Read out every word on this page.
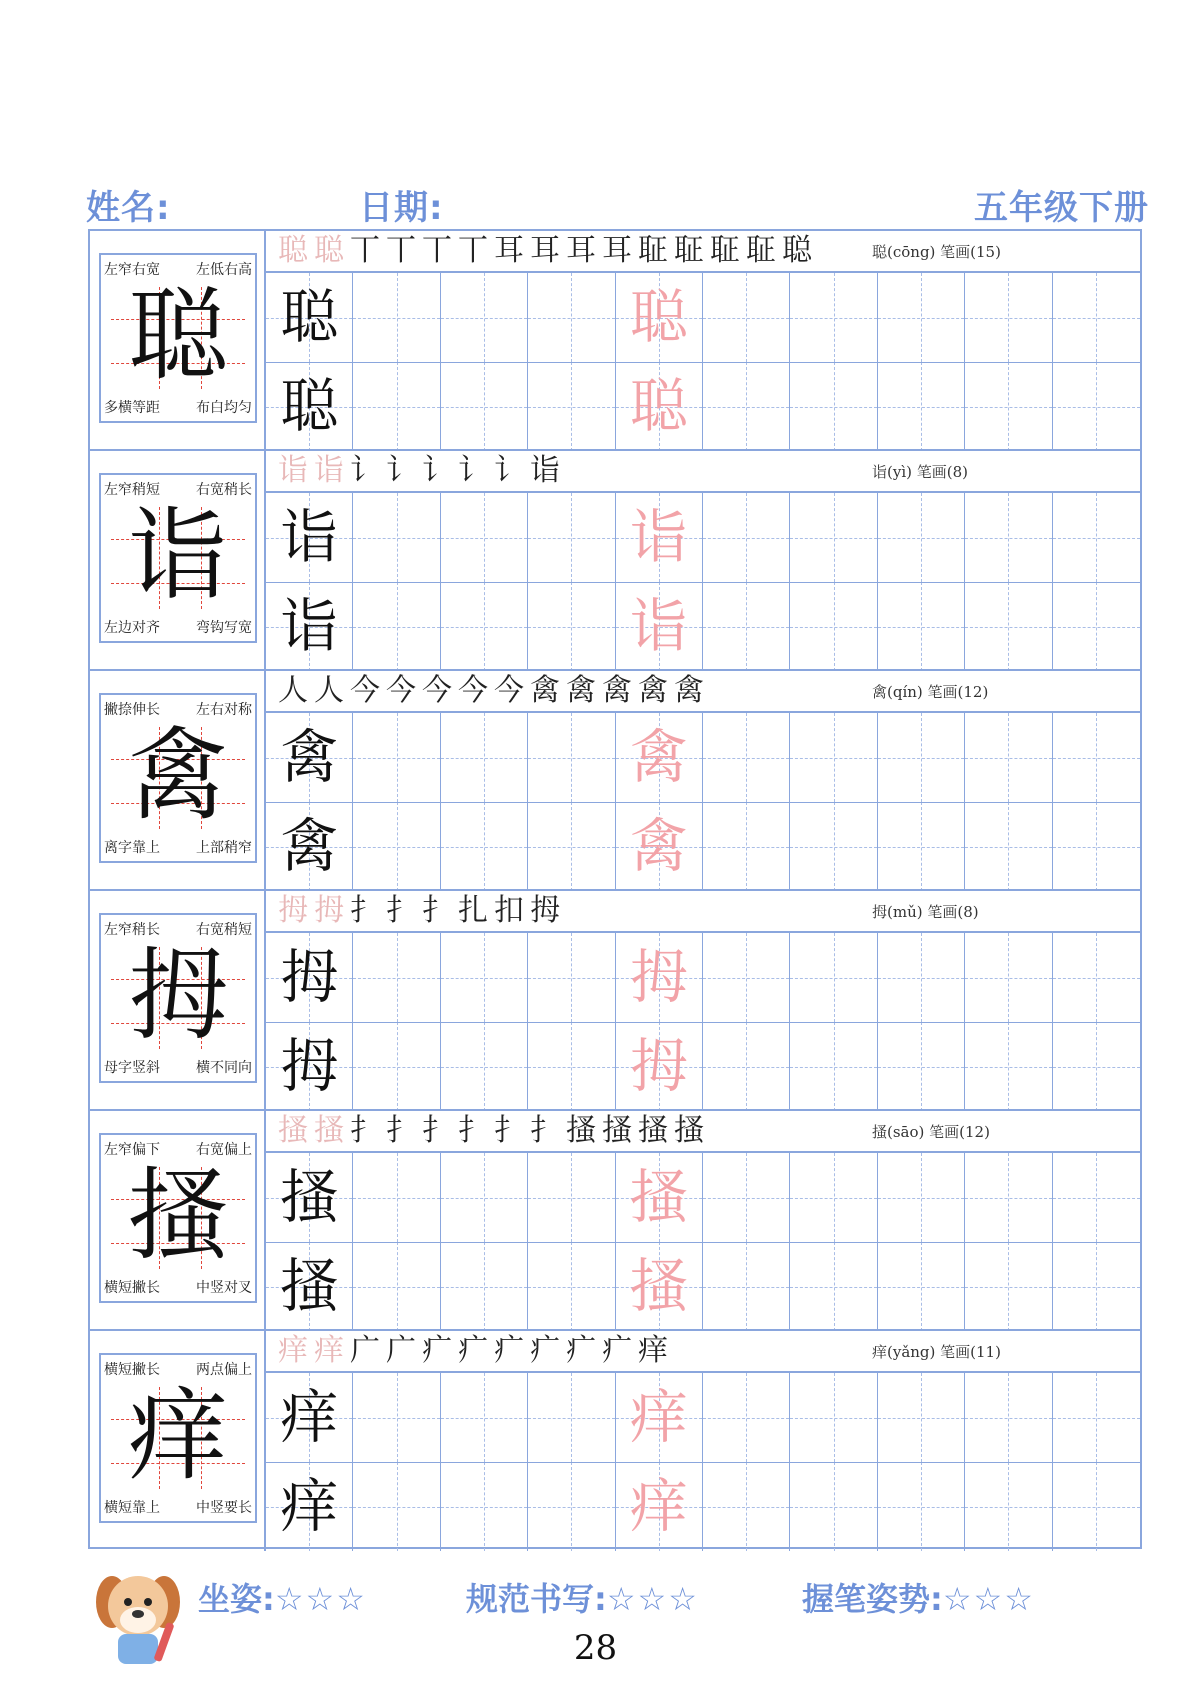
姓名:	日期:	五年级下册
左窄右宽	左低右高
聪
多横等距	布白均匀
聪聪丅丅丅丅耳耳耳耳聇聇聇聇聪	聪(cōng) 笔画(15)
聪	聪
聪	聪
左窄稍短	右宽稍长
诣
左边对齐	弯钩写宽
诣诣讠讠讠讠讠诣	诣(yì) 笔画(8)
诣	诣
诣	诣
撇捺伸长	左右对称
禽
离字靠上	上部稍窄
人人今今今今今禽禽禽禽禽	禽(qín) 笔画(12)
禽	禽
禽	禽
左窄稍长	右宽稍短
拇
母字竖斜	横不同向
拇拇扌扌扌扎扣拇	拇(mǔ) 笔画(8)
拇	拇
拇	拇
左窄偏下	右宽偏上
搔
横短撇长	中竖对叉
搔搔扌扌扌扌扌扌搔搔搔搔	搔(sāo) 笔画(12)
搔	搔
搔	搔
横短撇长	两点偏上
痒
横短靠上	中竖要长
痒痒广广疒疒疒疒疒疒痒	痒(yǎng) 笔画(11)
痒	痒
痒	痒
坐姿:☆☆☆	规范书写:☆☆☆	握笔姿势:☆☆☆
28
